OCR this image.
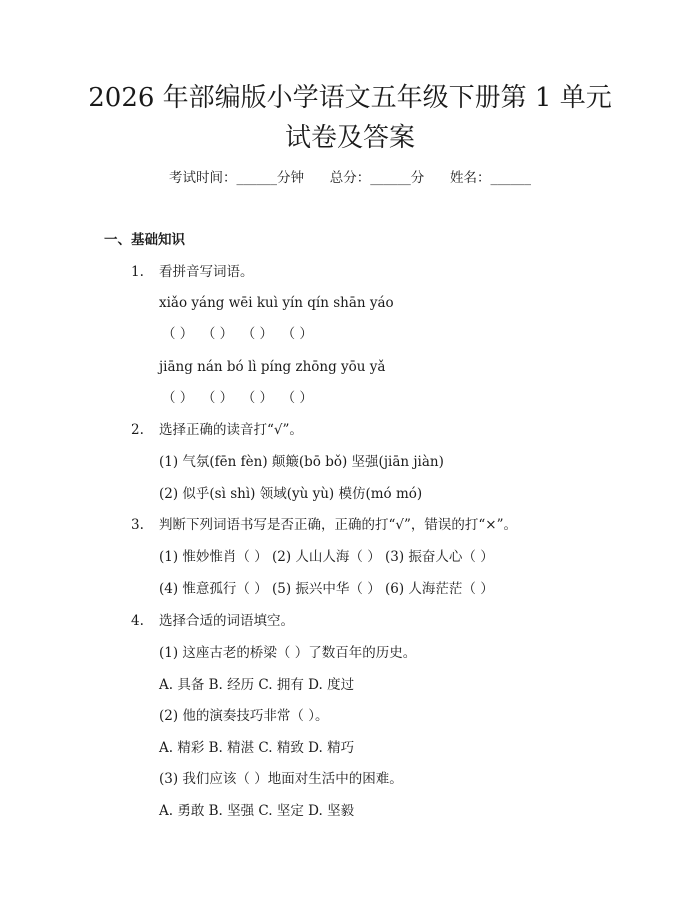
2026 年部编版小学语文五年级下册第 1 单元
试卷及答案
考试时间：______分钟      总分：______分      姓名：______
一、基础知识
1. 看拼音写词语。
xiǎo yáng wēi kuì yín qín shān yáo
（ ）  （ ）  （ ）  （ ）
jiāng nán bó lì píng zhōng yōu yǎ
（ ）  （ ）  （ ）  （ ）
2. 选择正确的读音打“√”。
(1) 气氛(fēn fèn) 颠簸(bō bǒ) 坚强(jiān jiàn)
(2) 似乎(sì shì) 领域(yù yù) 模仿(mó mó)
3. 判断下列词语书写是否正确，正确的打“√”，错误的打“×”。
(1) 惟妙惟肖（ ） (2) 人山人海（ ） (3) 振奋人心（ ）
(4) 惟意孤行（ ） (5) 振兴中华（ ） (6) 人海茫茫（ ）
4. 选择合适的词语填空。
(1) 这座古老的桥梁（ ）了数百年的历史。
A. 具备 B. 经历 C. 拥有 D. 度过
(2) 他的演奏技巧非常（ ）。
A. 精彩 B. 精湛 C. 精致 D. 精巧
(3) 我们应该（ ）地面对生活中的困难。
A. 勇敢 B. 坚强 C. 坚定 D. 坚毅
